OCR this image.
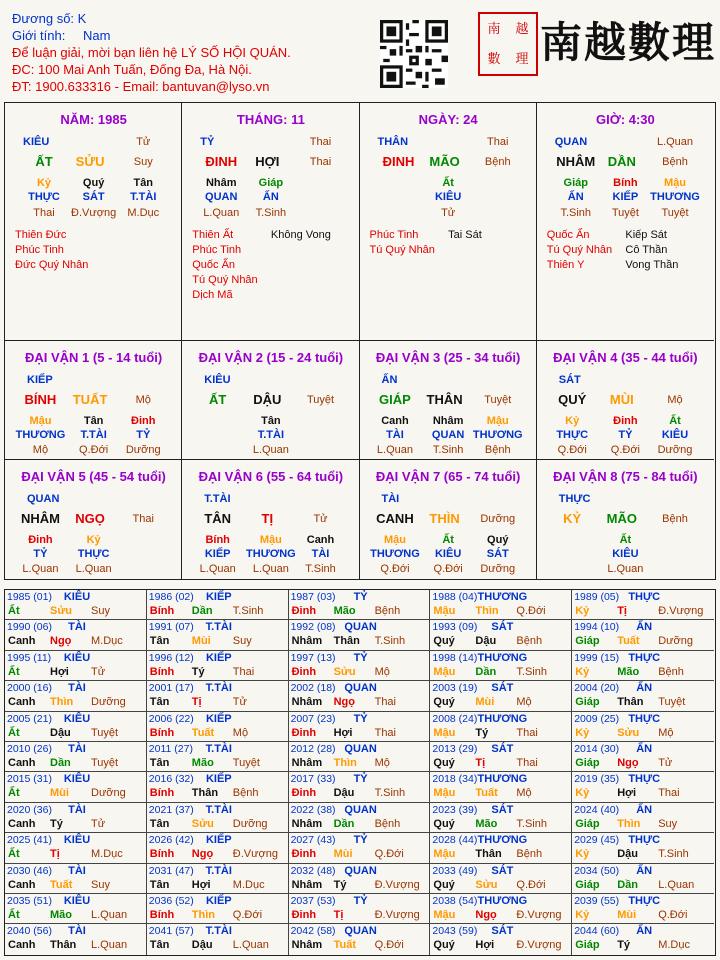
Đương số: K
Giới tính: Nam
Để luận giải, mời bạn liên hệ LÝ SỐ HỘI QUÁN.
ĐC: 100 Mai Anh Tuấn, Đống Đa, Hà Nội.
ĐT: 1900.633316 - Email: bantuvan@lyso.vn
南 越
數 理 南越數理
NĂM: 1985
KIÊU	Tử
ẤT SỬU	Suy
Kỷ	Quý	Tân
THỰC SÁT T.TÀI
Thai Đ.Vượng M.Dục
Thiên Đức
Phúc Tinh
Đức Quý Nhân
THÁNG: 11
TỶ	Thai
ĐINH HỢI	Thai
Nhâm Giáp
QUAN ẤN
L.Quan T.Sinh
Thiên Ất
Phúc Tinh
Quốc Ấn
Tú Quý Nhân
Dịch Mã
Không Vong
NGÀY: 24
THÂN	Thai
ĐINH MÃO Bệnh
Ất
KIÊU
Tử
Phúc Tinh
Tú Quý Nhân
Tai Sát
GIỜ: 4:30
QUAN	L.Quan
NHÂM DẦN Bệnh
Giáp Bính Mậu
ẤN	KIẾP THƯƠNG
T.Sinh Tuyệt Tuyệt
Quốc Ấn
Tú Quý Nhân
Thiên Y
Kiếp Sát
Cô Thần
Vong Thần
ĐẠI VẬN 1 (5 - 14 tuổi)
KIẾP
BÍNH TUẤT	Mộ
Mậu	Tân	Đinh
THƯƠNG T.TÀI	TỶ
Mộ	Q.Đới Dưỡng
ĐẠI VẬN 2 (15 - 24 tuổi)
KIÊU
ẤT DẬU Tuyệt
Tân
T.TÀI
L.Quan
ĐẠI VẬN 3 (25 - 34 tuổi)
ẤN
GIÁP THÂN Tuyệt
Canh Nhâm Mậu
TÀI	QUAN THƯƠNG
L.Quan T.Sinh Bệnh
ĐẠI VẬN 4 (35 - 44 tuổi)
SÁT
QUÝ MÙI	Mộ
Kỷ	Đinh	Ất
THỰC	TỶ	KIÊU
Q.Đới Q.Đới Dưỡng
ĐẠI VẬN 5 (45 - 54 tuổi)
QUAN
NHÂM NGỌ	Thai
Đinh	Kỷ
TỶ	THỰC
L.Quan L.Quan
ĐẠI VẬN 6 (55 - 64 tuổi)
T.TÀI
TÂN TỊ	Tử
Bính	Mậu Canh
KIẾP THƯƠNG TÀI
L.Quan L.Quan T.Sinh
ĐẠI VẬN 7 (65 - 74 tuổi)
TÀI
CANH THÌN Dưỡng
Mậu	Ất	Quý
THƯƠNG KIÊU SÁT
Q.Đới Q.Đới Dưỡng
ĐẠI VẬN 8 (75 - 84 tuổi)
THỰC
KỶ MÃO Bệnh
Ất
KIÊU
L.Quan
1985 (01) KIÊU
Ất	Sửu Suy
1986 (02) KIẾP
Bính Dần T.Sinh
1987 (03) TỶ
Đinh Mão Bệnh
1988 (04) THƯƠNG
Mậu Thìn Q.Đới
1989 (05) THỰC
Kỷ	Tị	Đ.Vượng
1990 (06) TÀI
Canh Ngọ M.Dục
1991 (07) T.TÀI
Tân Mùi Suy
1992 (08) QUAN
Nhâm Thân T.Sinh
1993 (09) SÁT
Quý Dậu Bệnh
1994 (10) ẤN
Giáp Tuất Dưỡng
1995 (11) KIÊU
Ất	Hợi Tử
1996 (12) KIẾP
Bính Tý	Thai
1997 (13) TỶ
Đinh Sửu Mộ
1998 (14) THƯƠNG
Mậu Dần T.Sinh
1999 (15) THỰC
Kỷ	Mão Bệnh
2000 (16) TÀI
Canh Thìn Dưỡng
2001 (17) T.TÀI
Tân Tị	Tử
2002 (18) QUAN
Nhâm Ngọ Thai
2003 (19) SÁT
Quý Mùi Mộ
2004 (20) ẤN
Giáp Thân Tuyệt
2005 (21) KIÊU
Ất	Dậu Tuyệt
2006 (22) KIẾP
Bính Tuất Mộ
2007 (23) TỶ
Đinh Hợi Thai
2008 (24) THƯƠNG
Mậu Tý	Thai
2009 (25) THỰC
Kỷ	Sửu Mộ
2010 (26) TÀI
Canh Dần Tuyệt
2011 (27) T.TÀI
Tân Mão Tuyệt
2012 (28) QUAN
Nhâm Thìn Mộ
2013 (29) SÁT
Quý Tị	Thai
2014 (30) ẤN
Giáp Ngọ Tử
2015 (31) KIÊU
Ất	Mùi Dưỡng
2016 (32) KIẾP
Bính Thân Bệnh
2017 (33) TỶ
Đinh Dậu T.Sinh
2018 (34) THƯƠNG
Mậu Tuất Mộ
2019 (35) THỰC
Kỷ	Hợi Thai
2020 (36) TÀI
Canh Tý	Tử
2021 (37) T.TÀI
Tân Sửu Dưỡng
2022 (38) QUAN
Nhâm Dần Bệnh
2023 (39) SÁT
Quý Mão T.Sinh
2024 (40) ẤN
Giáp Thìn Suy
2025 (41) KIÊU
Ất	Tị	M.Dục
2026 (42) KIẾP
Bính Ngọ Đ.Vượng
2027 (43) TỶ
Đinh Mùi Q.Đới
2028 (44) THƯƠNG
Mậu Thân Bệnh
2029 (45) THỰC
Kỷ	Dậu T.Sinh
2030 (46) TÀI
Canh Tuất Suy
2031 (47) T.TÀI
Tân Hợi M.Dục
2032 (48) QUAN
Nhâm Tý	Đ.Vượng
2033 (49) SÁT
Quý Sửu Q.Đới
2034 (50) ẤN
Giáp Dần L.Quan
2035 (51) KIÊU
Ất	Mão L.Quan
2036 (52) KIẾP
Bính Thìn Q.Đới
2037 (53) TỶ
Đinh Tị	Đ.Vượng
2038 (54) THƯƠNG
Mậu Ngọ Đ.Vượng
2039 (55) THỰC
Kỷ	Mùi Q.Đới
2040 (56) TÀI
Canh Thân L.Quan
2041 (57) T.TÀI
Tân Dậu L.Quan
2042 (58) QUAN
Nhâm Tuất Q.Đới
2043 (59) SÁT
Quý Hợi Đ.Vượng
2044 (60) ẤN
Giáp Tý	M.Dục
